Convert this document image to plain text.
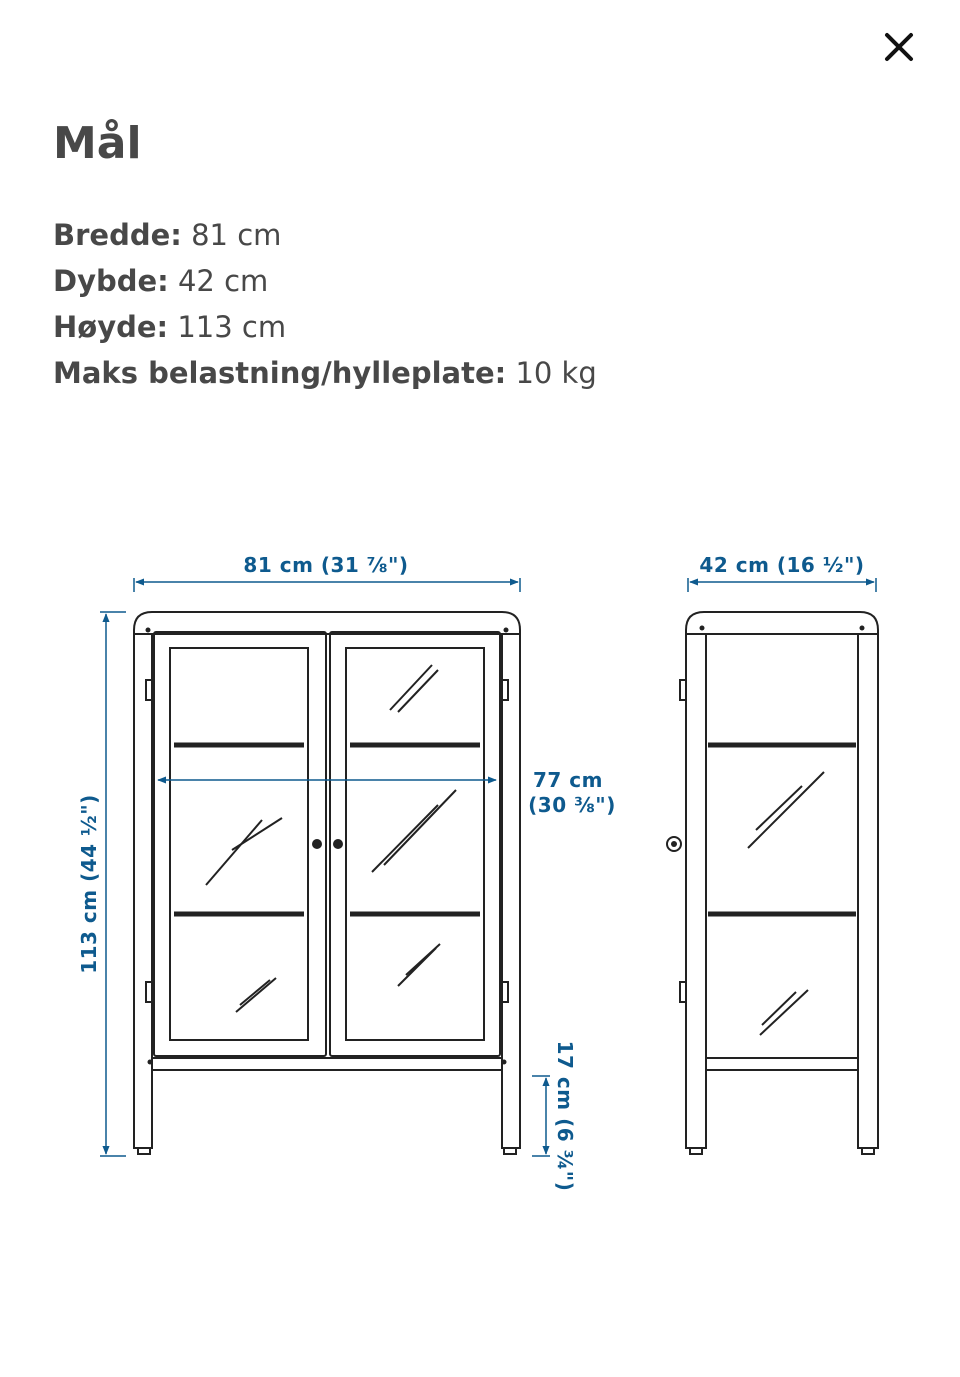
Mål
Bredde: 81 cm
Dybde: 42 cm
Høyde: 113 cm
Maks belastning/hylleplate: 10 kg
81 cm (31 ⅞")
77 cm
(30 ⅜")
42 cm (16 ½")
113 cm (44 ½")
17 cm (6 ¾")
